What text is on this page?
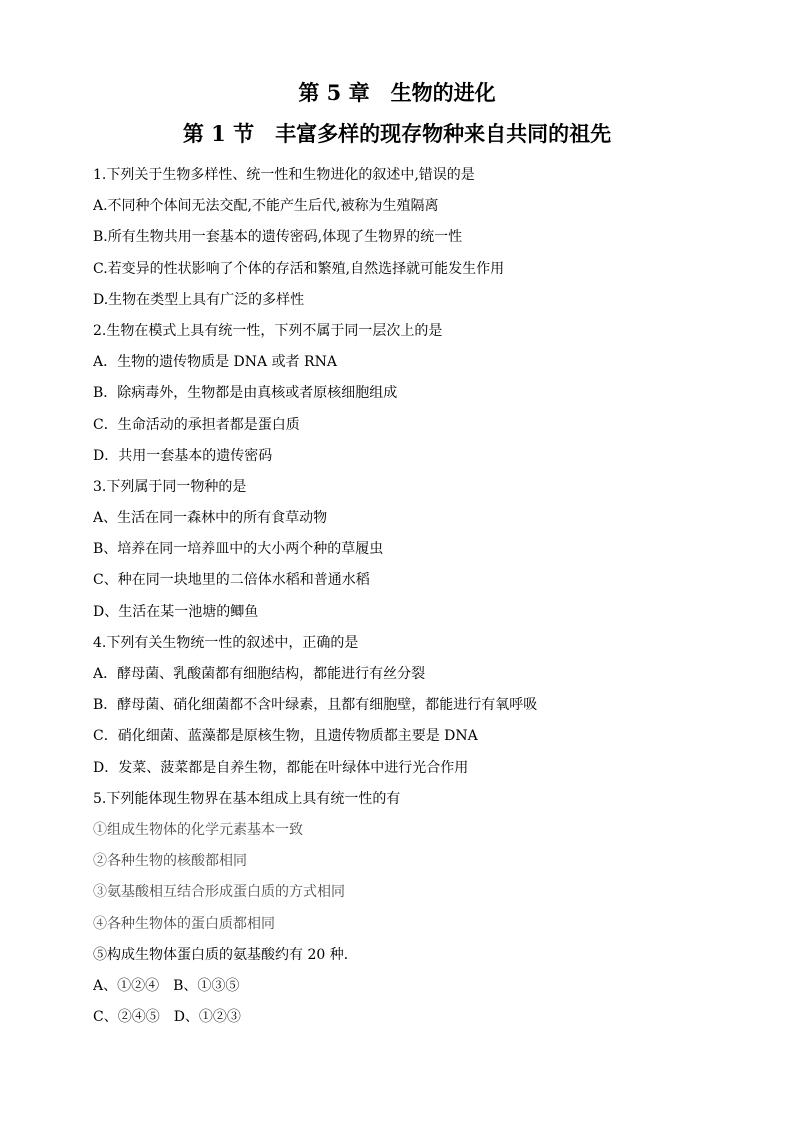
第 5 章　生物的进化
第 1 节　丰富多样的现存物种来自共同的祖先
1.下列关于生物多样性、统一性和生物进化的叙述中,错误的是
A.不同种个体间无法交配,不能产生后代,被称为生殖隔离
B.所有生物共用一套基本的遗传密码,体现了生物界的统一性
C.若变异的性状影响了个体的存活和繁殖,自然选择就可能发生作用
D.生物在类型上具有广泛的多样性
2.生物在模式上具有统一性，下列不属于同一层次上的是
A．生物的遗传物质是 DNA 或者 RNA
B．除病毒外，生物都是由真核或者原核细胞组成
C．生命活动的承担者都是蛋白质
D．共用一套基本的遗传密码
3.下列属于同一物种的是
A、生活在同一森林中的所有食草动物
B、培养在同一培养皿中的大小两个种的草履虫
C、种在同一块地里的二倍体水稻和普通水稻
D、生活在某一池塘的鲫鱼
4.下列有关生物统一性的叙述中，正确的是
A．酵母菌、乳酸菌都有细胞结构，都能进行有丝分裂
B．酵母菌、硝化细菌都不含叶绿素，且都有细胞壁，都能进行有氧呼吸
C．硝化细菌、蓝藻都是原核生物，且遗传物质都主要是 DNA
D．发菜、菠菜都是自养生物，都能在叶绿体中进行光合作用
5.下列能体现生物界在基本组成上具有统一性的有
①组成生物体的化学元素基本一致
②各种生物的核酸都相同
③氨基酸相互结合形成蛋白质的方式相同
④各种生物体的蛋白质都相同
⑤构成生物体蛋白质的氨基酸约有 20 种．
A、①②④　B、①③⑤
C、②④⑤　D、①②③
